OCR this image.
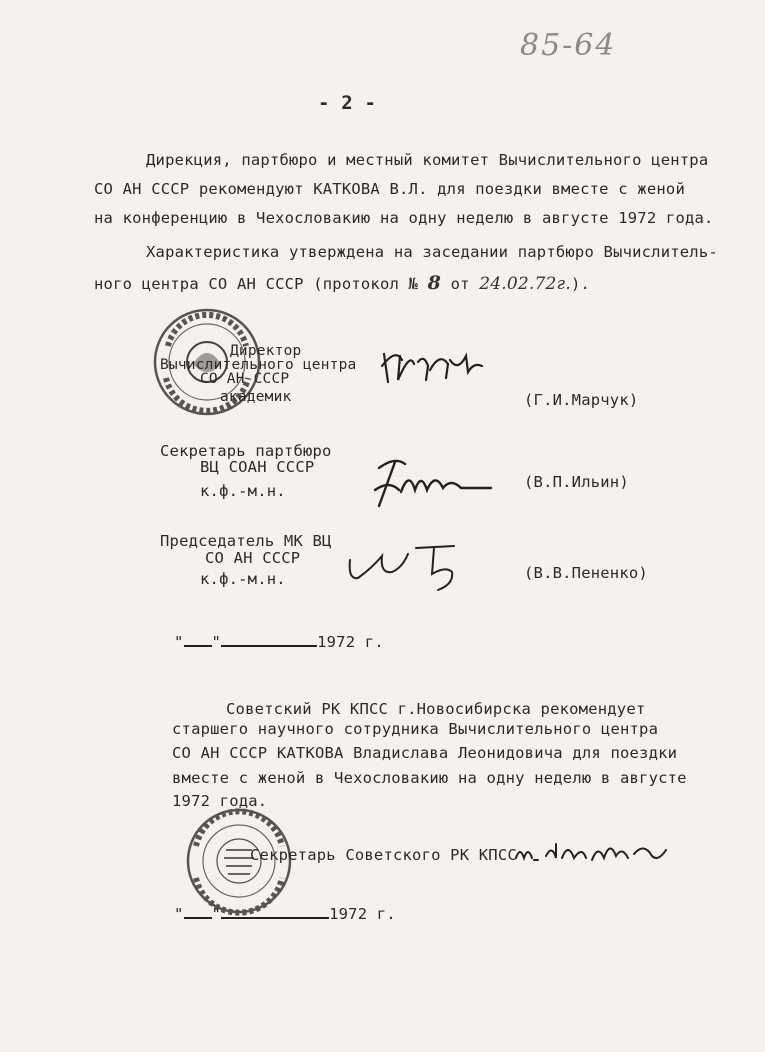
85-64
- 2 -
Дирекция, партбюро и местный комитет Вычислительного центра
СО АН СССР рекомендуют КАТКОВА В.Л. для поездки вместе с женой
на конференцию в Чехословакию на одну неделю в августе 1972 года.
Характеристика утверждена на заседании партбюро Вычислитель-
ного центра СО АН СССР (протокол № 8 от 24.02.72г.).
Директор
Вычислительного центра
СО АН СССР
академик	(Г.И.Марчук)
Секретарь партбюро
ВЦ СОАН СССР
к.ф.-м.н.	(В.П.Ильин)
Председатель МК ВЦ
СО АН СССР
к.ф.-м.н.	(В.В.Пененко)
" "	1972 г.
Советский РК КПСС г.Новосибирска рекомендует
старшего научного сотрудника Вычислительного центра
СО АН СССР КАТКОВА Владислава Леонидовича для поездки
вместе с женой в Чехословакию на одну неделю в августе
1972 года.
Секретарь Советского РК КПСС
" "	1972 г.
